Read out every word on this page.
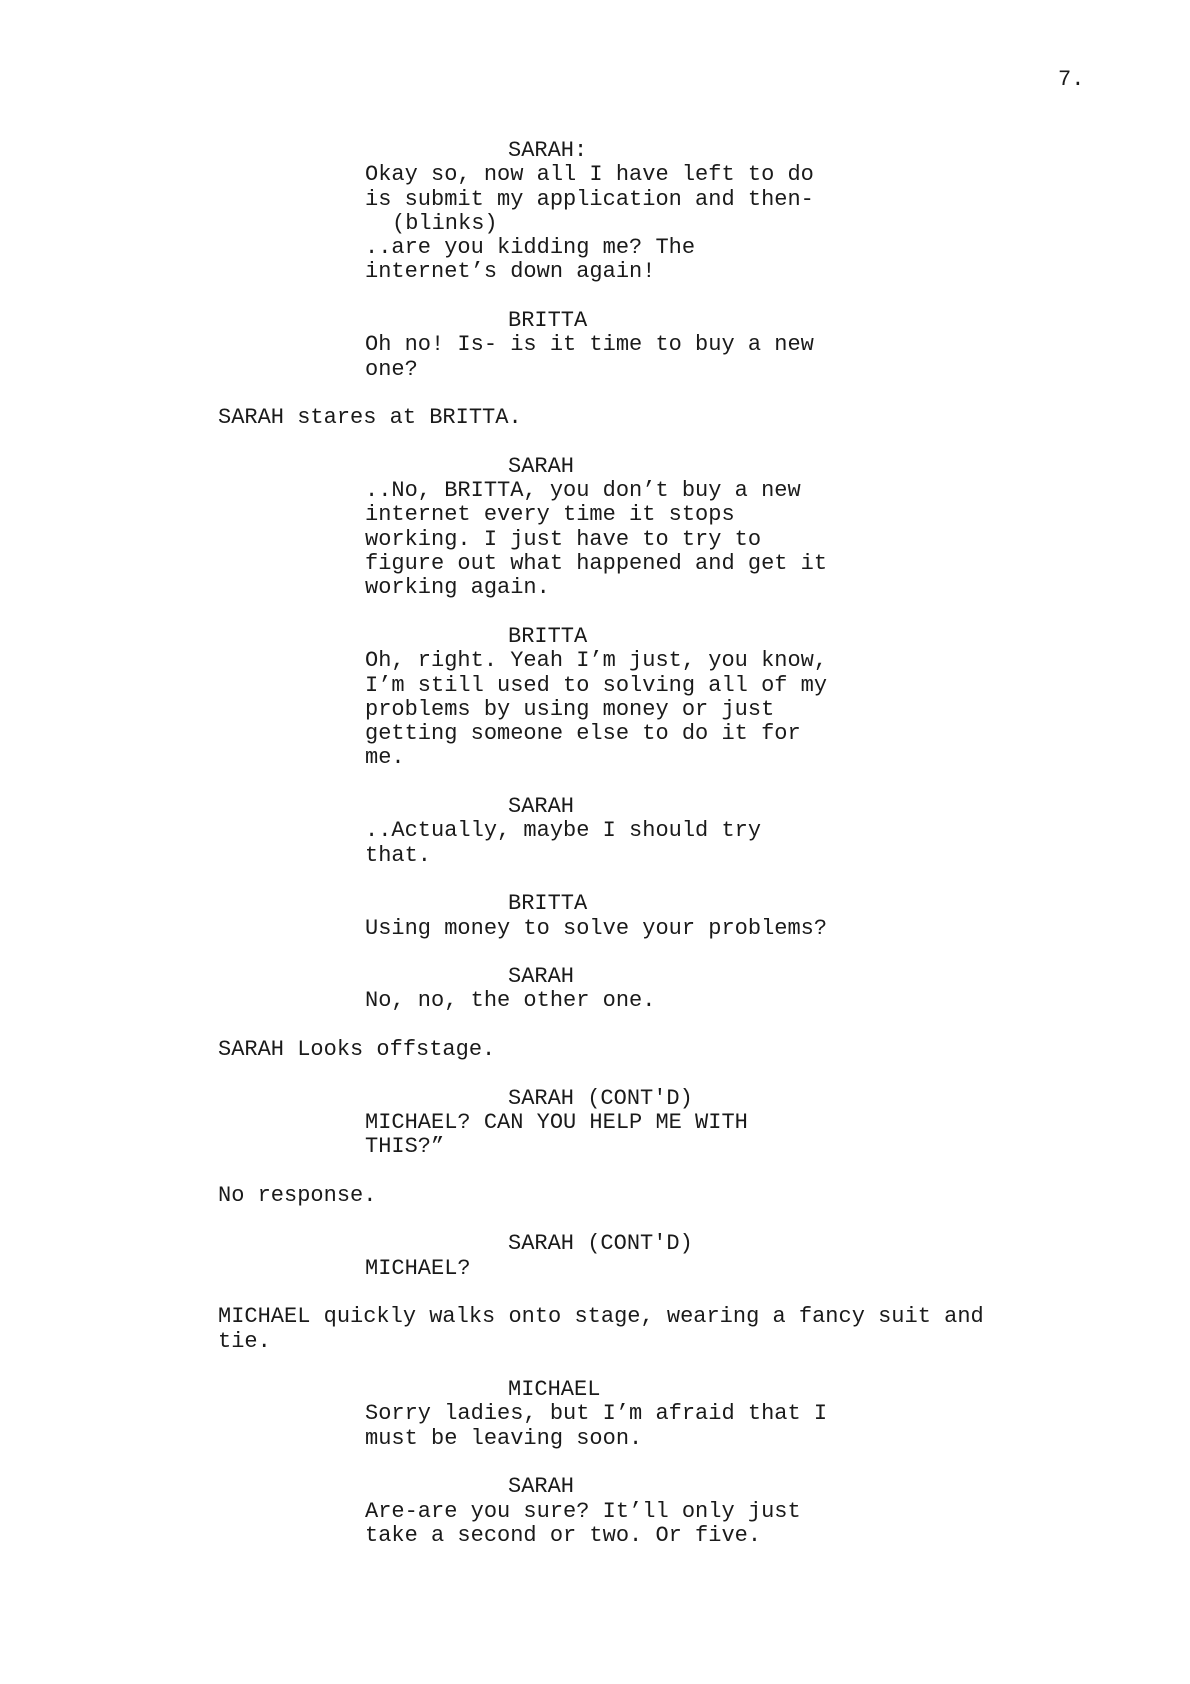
7.
SARAH:
Okay so, now all I have left to do
is submit my application and then-
(blinks)
..are you kidding me? The
internet’s down again!
BRITTA
Oh no! Is- is it time to buy a new
one?
SARAH stares at BRITTA.
SARAH
..No, BRITTA, you don’t buy a new
internet every time it stops
working. I just have to try to
figure out what happened and get it
working again.
BRITTA
Oh, right. Yeah I’m just, you know,
I’m still used to solving all of my
problems by using money or just
getting someone else to do it for
me.
SARAH
..Actually, maybe I should try
that.
BRITTA
Using money to solve your problems?
SARAH
No, no, the other one.
SARAH Looks offstage.
SARAH (CONT'D)
MICHAEL? CAN YOU HELP ME WITH
THIS?”
No response.
SARAH (CONT'D)
MICHAEL?
MICHAEL quickly walks onto stage, wearing a fancy suit and
tie.
MICHAEL
Sorry ladies, but I’m afraid that I
must be leaving soon.
SARAH
Are-are you sure? It’ll only just
take a second or two. Or five.
